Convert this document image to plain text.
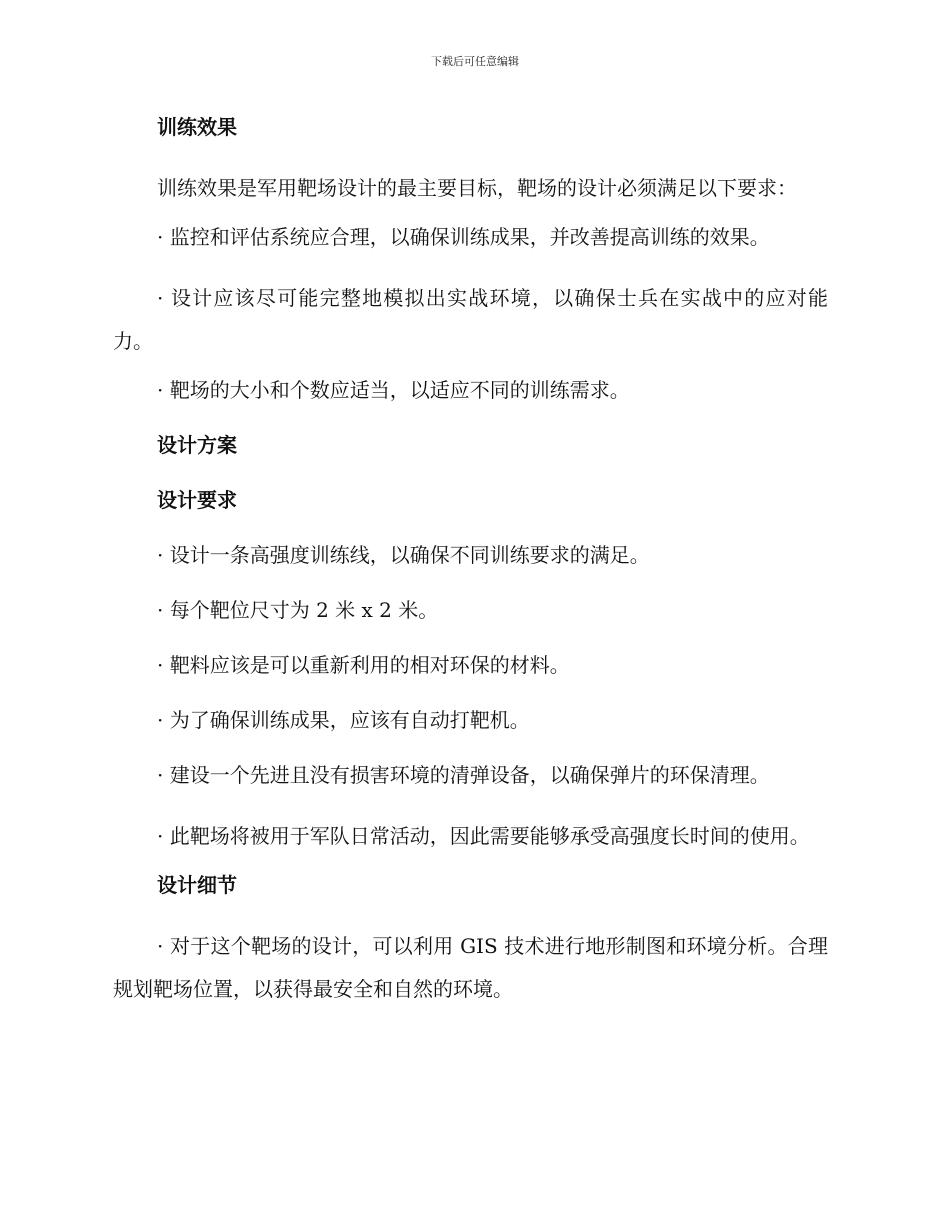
下载后可任意编辑
训练效果

训练效果是军用靶场设计的最主要目标，靶场的设计必须满足以下要求：

· 监控和评估系统应合理，以确保训练成果，并改善提高训练的效果。

· 设计应该尽可能完整地模拟出实战环境，以确保士兵在实战中的应对能力。

· 靶场的大小和个数应适当，以适应不同的训练需求。

设计方案
设计要求

· 设计一条高强度训练线，以确保不同训练要求的满足。

· 每个靶位尺寸为 2 米 x 2 米。

· 靶料应该是可以重新利用的相对环保的材料。

· 为了确保训练成果，应该有自动打靶机。

· 建设一个先进且没有损害环境的清弹设备，以确保弹片的环保清理。

· 此靶场将被用于军队日常活动，因此需要能够承受高强度长时间的使用。

设计细节

· 对于这个靶场的设计，可以利用 GIS 技术进行地形制图和环境分析。合理规划靶场位置，以获得最安全和自然的环境。
